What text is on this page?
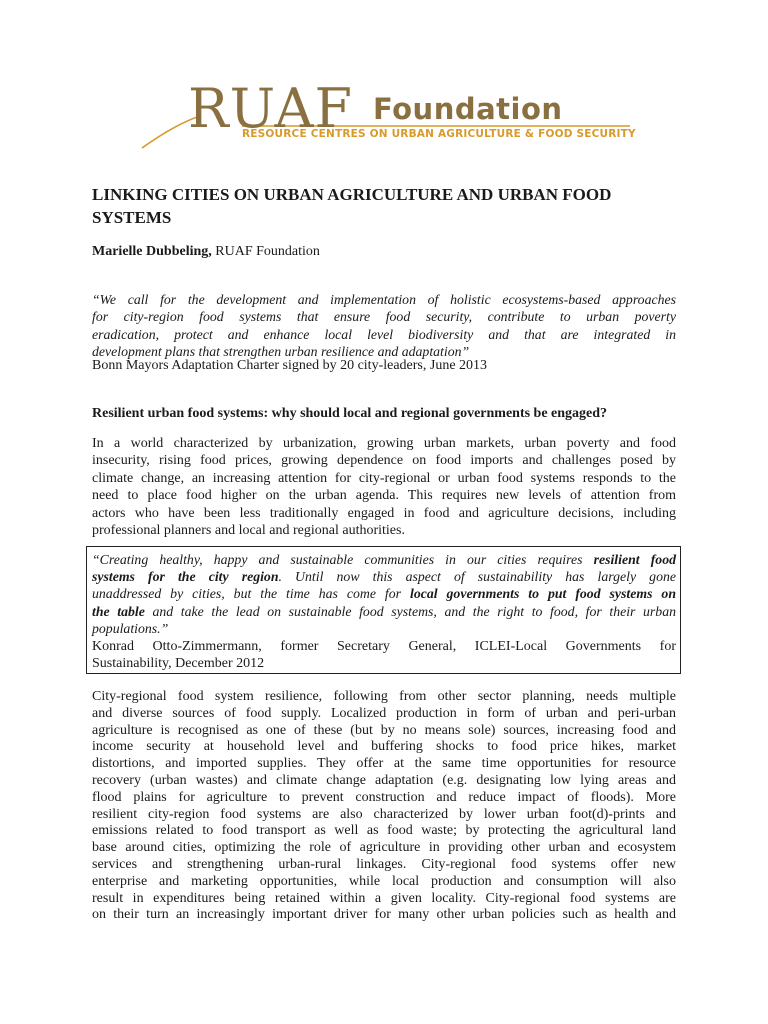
RUAF Foundation
RESOURCE CENTRES ON URBAN AGRICULTURE & FOOD SECURITY
LINKING CITIES ON URBAN AGRICULTURE AND URBAN FOOD
SYSTEMS
Marielle Dubbeling, RUAF Foundation

“We call for the development and implementation of holistic ecosystems-based approaches
for city-region food systems that ensure food security, contribute to urban poverty
eradication, protect and enhance local level biodiversity and that are integrated in
development plans that strengthen urban resilience and adaptation”

Bonn Mayors Adaptation Charter signed by 20 city-leaders, June 2013
Resilient urban food systems: why should local and regional governments be engaged?

In a world characterized by urbanization, growing urban markets, urban poverty and food
insecurity, rising food prices, growing dependence on food imports and challenges posed by
climate change, an increasing attention for city-regional or urban food systems responds to the
need to place food higher on the urban agenda. This requires new levels of attention from
actors who have been less traditionally engaged in food and agriculture decisions, including
professional planners and local and regional authorities.

“Creating healthy, happy and sustainable communities in our cities requires resilient food
systems for the city region. Until now this aspect of sustainability has largely gone
unaddressed by cities, but the time has come for local governments to put food systems on
the table and take the lead on sustainable food systems, and the right to food, for their urban
populations.”

Konrad Otto-Zimmermann, former Secretary General, ICLEI-Local Governments for
Sustainability, December 2012

City-regional food system resilience, following from other sector planning, needs multiple
and diverse sources of food supply. Localized production in form of urban and peri-urban
agriculture is recognised as one of these (but by no means sole) sources, increasing food and
income security at household level and buffering shocks to food price hikes, market
distortions, and imported supplies. They offer at the same time opportunities for resource
recovery (urban wastes) and climate change adaptation (e.g. designating low lying areas and
flood plains for agriculture to prevent construction and reduce impact of floods). More
resilient city-region food systems are also characterized by lower urban foot(d)-prints and
emissions related to food transport as well as food waste; by protecting the agricultural land
base around cities, optimizing the role of agriculture in providing other urban and ecosystem
services and strengthening urban-rural linkages. City-regional food systems offer new
enterprise and marketing opportunities, while local production and consumption will also
result in expenditures being retained within a given locality. City-regional food systems are
on their turn an increasingly important driver for many other urban policies such as health and
